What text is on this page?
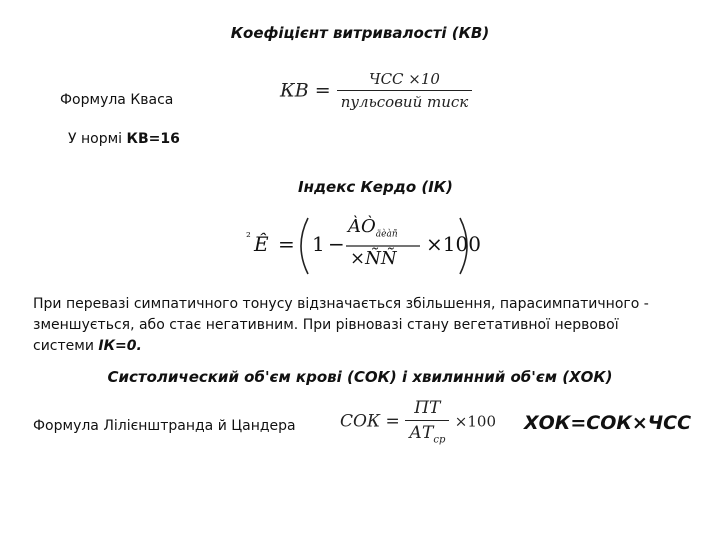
Коефіцієнт витривалості (КВ)
Формула Кваса	КВ = $\frac{\text{ЧСС ×10}}{\text{пульсовий тиск}}$
У нормі КВ=16
Індекс Кердо (ІК)
² Ê = 1 −
$ÀÒ_{äèàñ}$
×ÑÑ
×100
При перевазі симпатичного тонусу відзначається збільшення, парасимпатичного -
зменшується, або стає негативним. При рівновазі стану вегетативної нервової
системи ІК=0.
Систолический об'єм крові (СОК) і хвилинний об'єм (ХОК)
Формула Лілієнштранда й Цандера	СОК = $\frac{ПТ}{АТ_{ср}} \times 100$ ХОК=СОК×ЧСС
